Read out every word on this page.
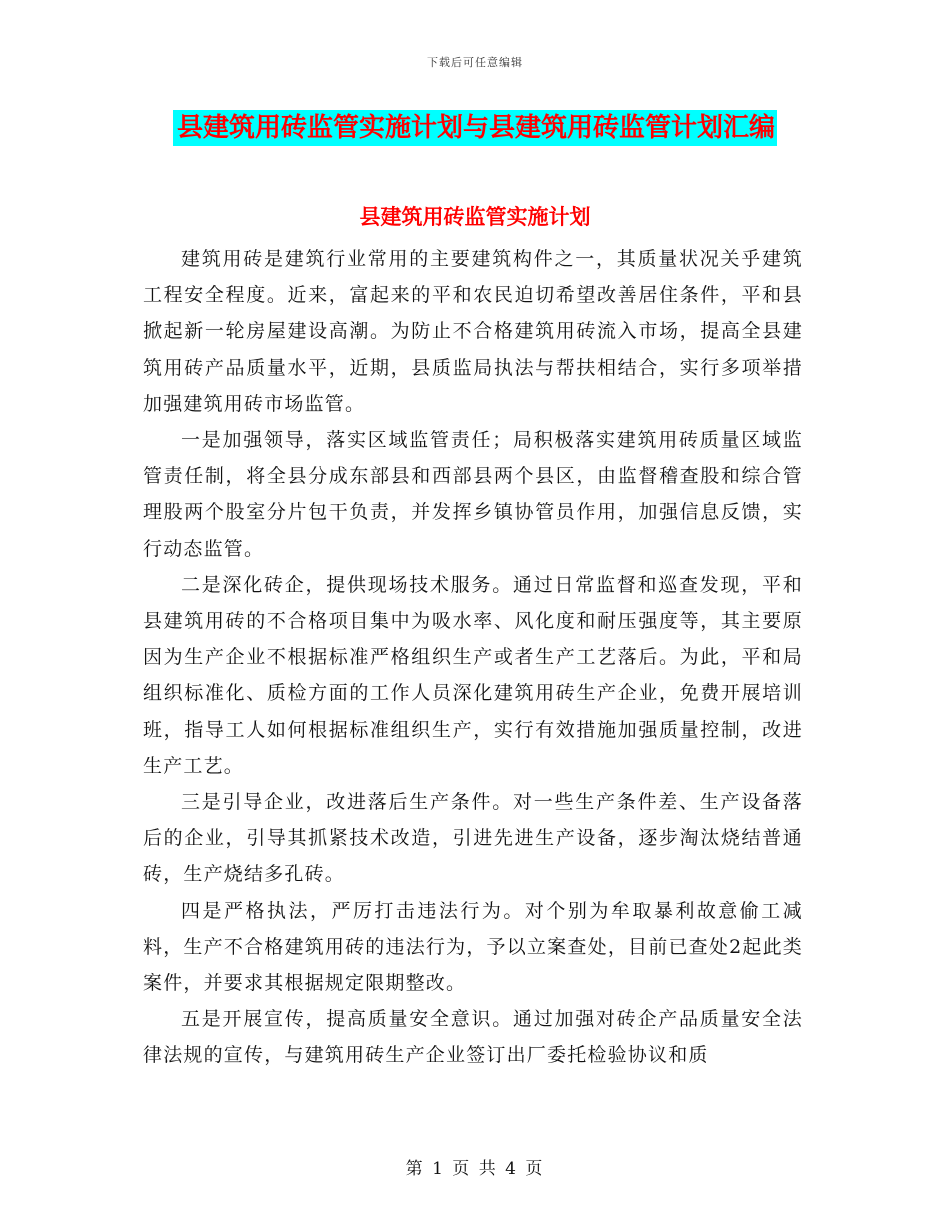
下载后可任意编辑
县建筑用砖监管实施计划与县建筑用砖监管计划汇编
县建筑用砖监管实施计划

建筑用砖是建筑行业常用的主要建筑构件之一，其质量状况关乎建筑工程安全程度。近来，富起来的平和农民迫切希望改善居住条件，平和县掀起新一轮房屋建设高潮。为防止不合格建筑用砖流入市场，提高全县建筑用砖产品质量水平，近期，县质监局执法与帮扶相结合，实行多项举措加强建筑用砖市场监管。

一是加强领导，落实区域监管责任；局积极落实建筑用砖质量区域监管责任制，将全县分成东部县和西部县两个县区，由监督稽查股和综合管理股两个股室分片包干负责，并发挥乡镇协管员作用，加强信息反馈，实行动态监管。

二是深化砖企，提供现场技术服务。通过日常监督和巡查发现，平和县建筑用砖的不合格项目集中为吸水率、风化度和耐压强度等，其主要原因为生产企业不根据标准严格组织生产或者生产工艺落后。为此，平和局组织标准化、质检方面的工作人员深化建筑用砖生产企业，免费开展培训班，指导工人如何根据标准组织生产，实行有效措施加强质量控制，改进生产工艺。

三是引导企业，改进落后生产条件。对一些生产条件差、生产设备落后的企业，引导其抓紧技术改造，引进先进生产设备，逐步淘汰烧结普通砖，生产烧结多孔砖。

四是严格执法，严厉打击违法行为。对个别为牟取暴利故意偷工减料，生产不合格建筑用砖的违法行为，予以立案查处，目前已查处2起此类案件，并要求其根据规定限期整改。

五是开展宣传，提高质量安全意识。通过加强对砖企产品质量安全法律法规的宣传，与建筑用砖生产企业签订出厂委托检验协议和质

第 1 页 共 4 页
